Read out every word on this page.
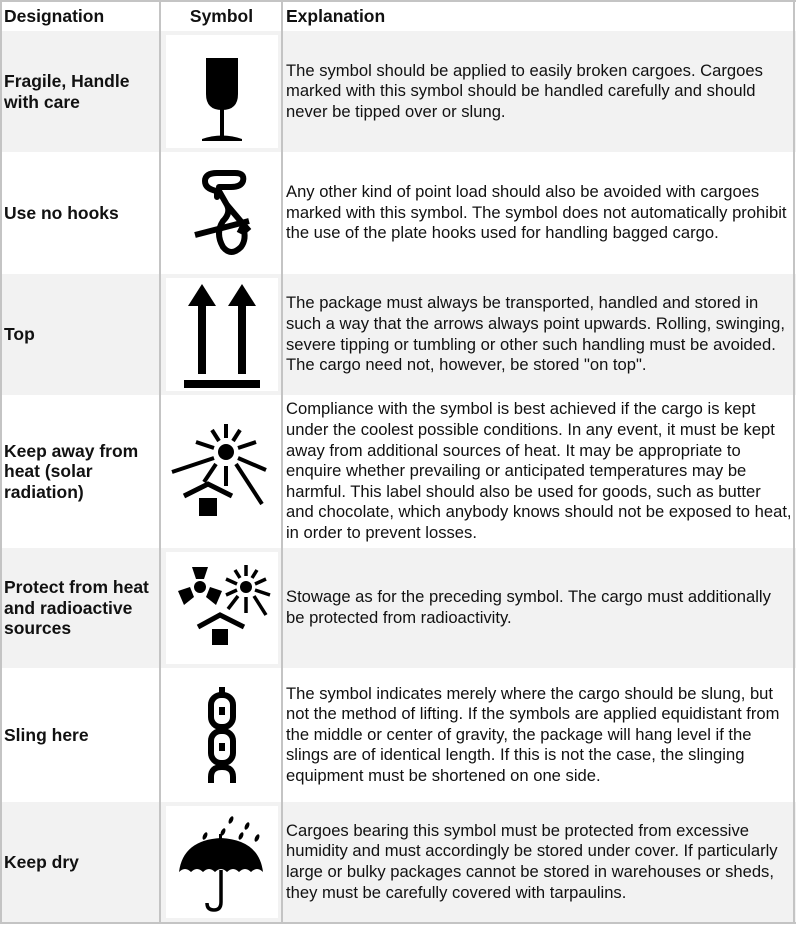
Designation	Symbol	Explanation
Fragile, Handle with care
The symbol should be applied to easily broken cargoes. Cargoes marked with this symbol should be handled carefully and should never be tipped over or slung.
Use no hooks
Any other kind of point load should also be avoided with cargoes marked with this symbol. The symbol does not automatically prohibit the use of the plate hooks used for handling bagged cargo.
Top
The package must always be transported, handled and stored in such a way that the arrows always point upwards. Rolling, swinging, severe tipping or tumbling or other such handling must be avoided. The cargo need not, however, be stored "on top".
Keep away from heat (solar radiation)
Compliance with the symbol is best achieved if the cargo is kept under the coolest possible conditions. In any event, it must be kept away from additional sources of heat. It may be appropriate to enquire whether prevailing or anticipated temperatures may be harmful. This label should also be used for goods, such as butter and chocolate, which anybody knows should not be exposed to heat, in order to prevent losses.
Protect from heat and radioactive sources
Stowage as for the preceding symbol. The cargo must additionally be protected from radioactivity.
Sling here
The symbol indicates merely where the cargo should be slung, but not the method of lifting. If the symbols are applied equidistant from the middle or center of gravity, the package will hang level if the slings are of identical length. If this is not the case, the slinging equipment must be shortened on one side.
Keep dry
Cargoes bearing this symbol must be protected from excessive humidity and must accordingly be stored under cover. If particularly large or bulky packages cannot be stored in warehouses or sheds, they must be carefully covered with tarpaulins.
